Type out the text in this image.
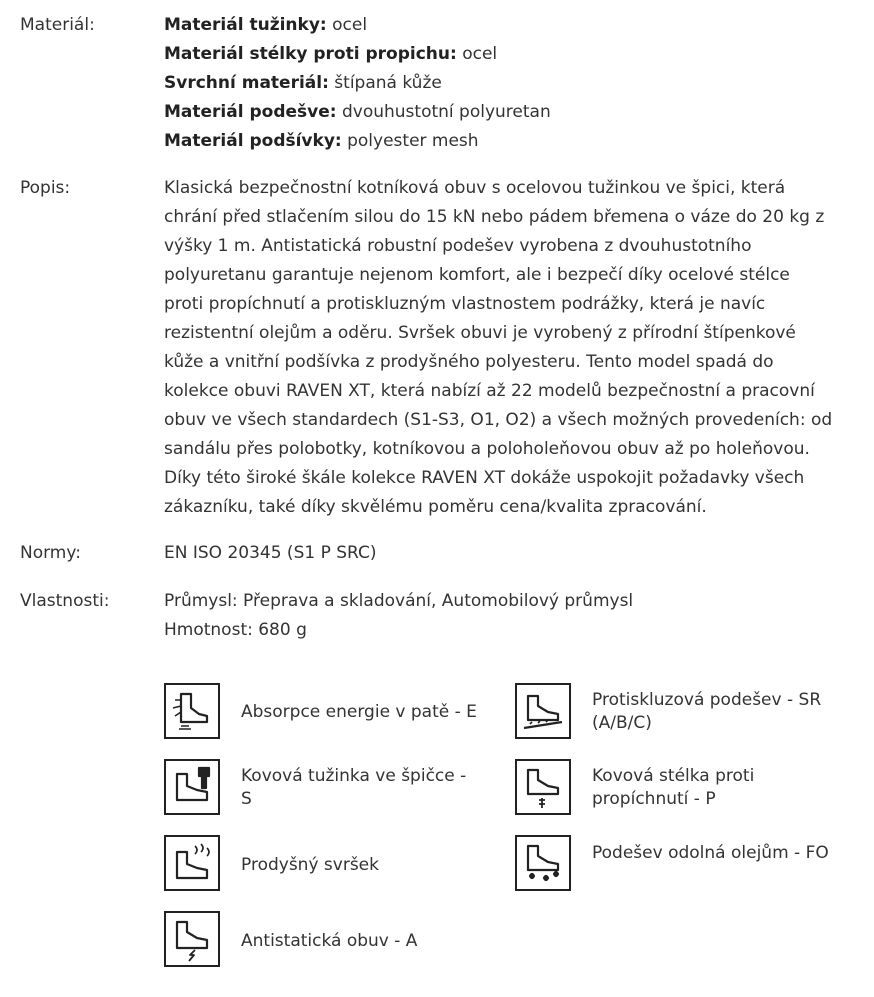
Materiál:	Materiál tužinky: ocel
Materiál stélky proti propichu: ocel
Svrchní materiál: štípaná kůže
Materiál podešve: dvouhustotní polyuretan
Materiál podšívky: polyester mesh
Popis:	Klasická bezpečnostní kotníková obuv s ocelovou tužinkou ve špici, která
chrání před stlačením silou do 15 kN nebo pádem břemena o váze do 20 kg z
výšky 1 m. Antistatická robustní podešev vyrobena z dvouhustotního
polyuretanu garantuje nejenom komfort, ale i bezpečí díky ocelové stélce
proti propíchnutí a protiskluzným vlastnostem podrážky, která je navíc
rezistentní olejům a oděru. Svršek obuvi je vyrobený z přírodní štípenkové
kůže a vnitřní podšívka z prodyšného polyesteru. Tento model spadá do
kolekce obuvi RAVEN XT, která nabízí až 22 modelů bezpečnostní a pracovní
obuv ve všech standardech (S1-S3, O1, O2) a všech možných provedeních: od
sandálu přes polobotky, kotníkovou a poloholeňovou obuv až po holeňovou.
Díky této široké škále kolekce RAVEN XT dokáže uspokojit požadavky všech
zákazníku, také díky skvělému poměru cena/kvalita zpracování.
Normy:	EN ISO 20345 (S1 P SRC)
Vlastnosti:	Průmysl: Přeprava a skladování, Automobilový průmysl
Hmotnost: 680 g
Absorpce energie v patě - E
Protiskluzová podešev - SR (A/B/C)
Kovová tužinka ve špičce - S
Kovová stélka proti propíchnutí - P
Prodyšný svršek
Podešev odolná olejům - FO
Antistatická obuv - A
